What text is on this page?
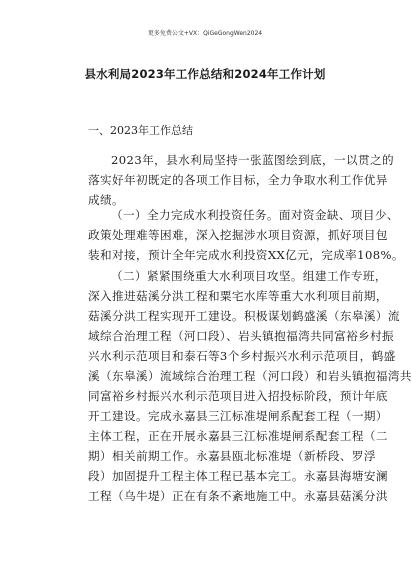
更多免费公文+VX：QiGeGongWen2024
县水利局2023年工作总结和2024年工作计划
一、2023年工作总结
2023年，县水利局坚持一张蓝图绘到底，一以贯之的
落实好年初既定的各项工作目标，全力争取水利工作优异
成绩。
（一）全力完成水利投资任务。面对资金缺、项目少、
政策处理难等困难，深入挖掘涉水项目资源，抓好项目包
装和对接，预计全年完成水利投资XX亿元，完成率108%。
（二）紧紧围绕重大水利项目攻坚。组建工作专班，
深入推进菇溪分洪工程和粟宅水库等重大水利项目前期，
菇溪分洪工程实现开工建设。积极谋划鹤盛溪（东皋溪）流
域综合治理工程（河口段）、岩头镇抱福湾共同富裕乡村振
兴水利示范项目和泰石等3个乡村振兴水利示范项目，鹤盛
溪（东皋溪）流域综合治理工程（河口段）和岩头镇抱福湾共
同富裕乡村振兴水利示范项目进入招投标阶段，预计年底
开工建设。完成永嘉县三江标准堤闸系配套工程（一期）
主体工程，正在开展永嘉县三江标准堤闸系配套工程（二
期）相关前期工作。永嘉县瓯北标准堤（新桥段、罗浮
段）加固提升工程主体工程已基本完工。永嘉县海塘安澜
工程（乌牛堤）正在有条不紊地施工中。永嘉县菇溪分洪
